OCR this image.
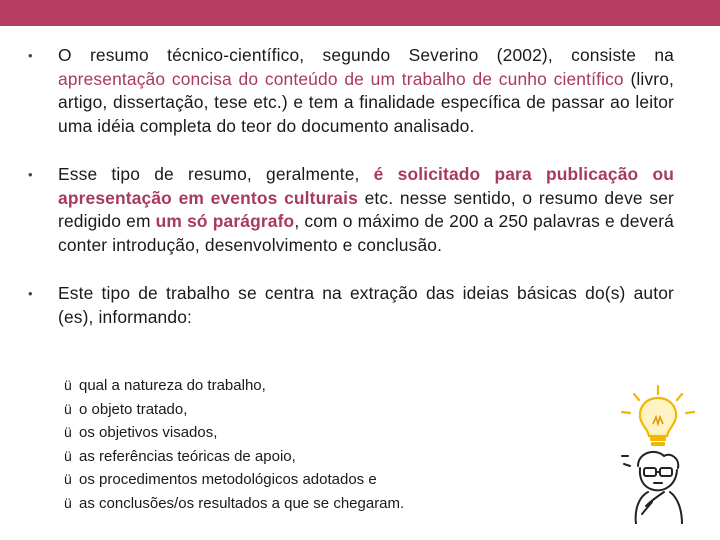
• O resumo técnico-científico, segundo Severino (2002), consiste na apresentação concisa do conteúdo de um trabalho de cunho científico (livro, artigo, dissertação, tese etc.) e tem a finalidade específica de passar ao leitor uma idéia completa do teor do documento analisado.
• Esse tipo de resumo, geralmente, é solicitado para publicação ou apresentação em eventos culturais etc. nesse sentido, o resumo deve ser redigido em um só parágrafo, com o máximo de 200 a 250 palavras e deverá conter introdução, desenvolvimento e conclusão.
• Este tipo de trabalho se centra na extração das ideias básicas do(s) autor (es), informando:
ü qual a natureza do trabalho,
ü o objeto tratado,
ü os objetivos visados,
ü as referências teóricas de apoio,
ü os procedimentos metodológicos adotados e
ü as conclusões/os resultados a que se chegaram.
